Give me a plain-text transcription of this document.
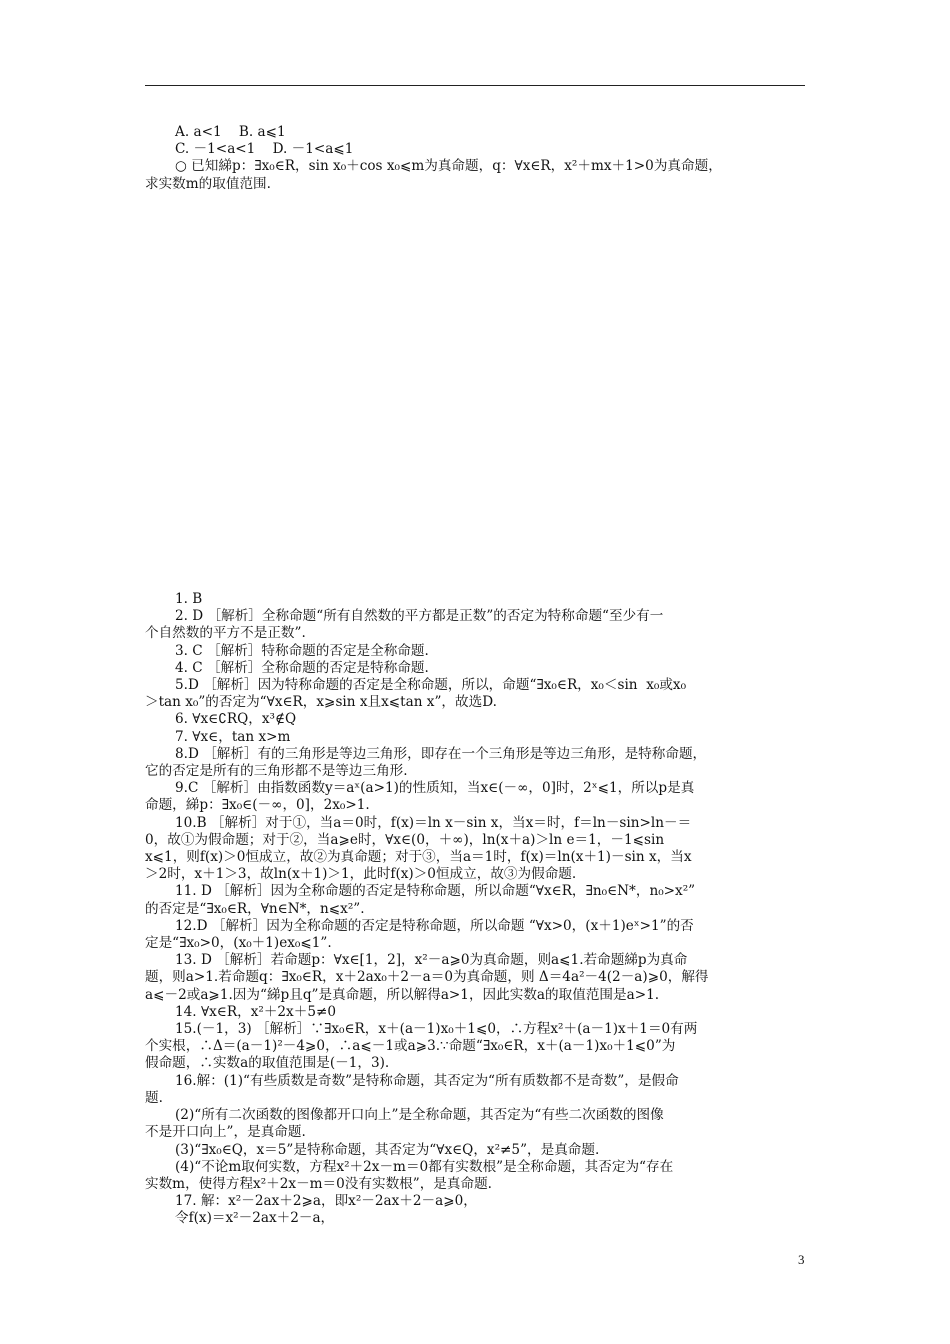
A. a<1    B. a⩽1
C. －1<a<1    D. －1<a⩽1
○ 已知綈p：∃x₀∈R，sin x₀＋cos x₀⩽m为真命题，q：∀x∈R，x²＋mx＋1>0为真命题，
求实数m的取值范围.
1. B
2. D ［解析］全称命题“所有自然数的平方都是正数”的否定为特称命题“至少有一
个自然数的平方不是正数”.
3. C ［解析］特称命题的否定是全称命题.
4. C ［解析］全称命题的否定是特称命题.
5.D ［解析］因为特称命题的否定是全称命题，所以，命题“∃x₀∈R，x₀＜sin  x₀或x₀
＞tan x₀”的否定为“∀x∈R，x⩾sin x且x⩽tan x”，故选D.
6. ∀x∈∁RQ，x³∉Q
7. ∀x∈，tan x>m
8.D ［解析］有的三角形是等边三角形，即存在一个三角形是等边三角形，是特称命题，
它的否定是所有的三角形都不是等边三角形.
9.C ［解析］由指数函数y＝aˣ(a>1)的性质知，当x∈(－∞，0]时，2ˣ⩽1，所以p是真
命题，綈p：∃x₀∈(－∞，0]，2x₀>1.
10.B ［解析］对于①，当a＝0时，f(x)＝ln x－sin x，当x＝时，f＝ln－sin>ln－＝
0，故①为假命题；对于②，当a⩾e时，∀x∈(0，＋∞)，ln(x＋a)＞ln e＝1，－1⩽sin
x⩽1，则f(x)＞0恒成立，故②为真命题；对于③，当a＝1时，f(x)＝ln(x＋1)－sin x，当x
＞2时，x＋1＞3，故ln(x＋1)＞1，此时f(x)＞0恒成立，故③为假命题.
11. D ［解析］因为全称命题的否定是特称命题，所以命题“∀x∈R，∃n₀∈N*，n₀>x²”
的否定是“∃x₀∈R，∀n∈N*，n⩽x²”.
12.D ［解析］因为全称命题的否定是特称命题，所以命题 “∀x>0，(x＋1)eˣ>1”的否
定是“∃x₀>0，(x₀＋1)ex₀⩽1”.
13. D ［解析］若命题p：∀x∈[1，2]，x²－a⩾0为真命题，则a⩽1.若命题綈p为真命
题，则a>1.若命题q：∃x₀∈R，x＋2ax₀＋2－a＝0为真命题，则 Δ＝4a²－4(2－a)⩾0，解得
a⩽－2或a⩾1.因为“綈p且q”是真命题，所以解得a>1，因此实数a的取值范围是a>1.
14. ∀x∈R，x²＋2x＋5≠0
15.(－1，3) ［解析］∵∃x₀∈R，x＋(a－1)x₀＋1⩽0，∴方程x²＋(a－1)x＋1＝0有两
个实根，∴Δ＝(a－1)²－4⩾0，∴a⩽－1或a⩾3.∵命题“∃x₀∈R，x＋(a－1)x₀＋1⩽0”为
假命题，∴实数a的取值范围是(－1，3).
16.解：(1)“有些质数是奇数”是特称命题，其否定为“所有质数都不是奇数”，是假命
题.
(2)“所有二次函数的图像都开口向上”是全称命题，其否定为“有些二次函数的图像
不是开口向上”，是真命题.
(3)“∃x₀∈Q，x＝5”是特称命题，其否定为“∀x∈Q，x²≠5”，是真命题.
(4)“不论m取何实数，方程x²＋2x－m＝0都有实数根”是全称命题，其否定为“存在
实数m，使得方程x²＋2x－m＝0没有实数根”，是真命题.
17. 解：x²－2ax＋2⩾a，即x²－2ax＋2－a⩾0，
令f(x)＝x²－2ax＋2－a，
3
